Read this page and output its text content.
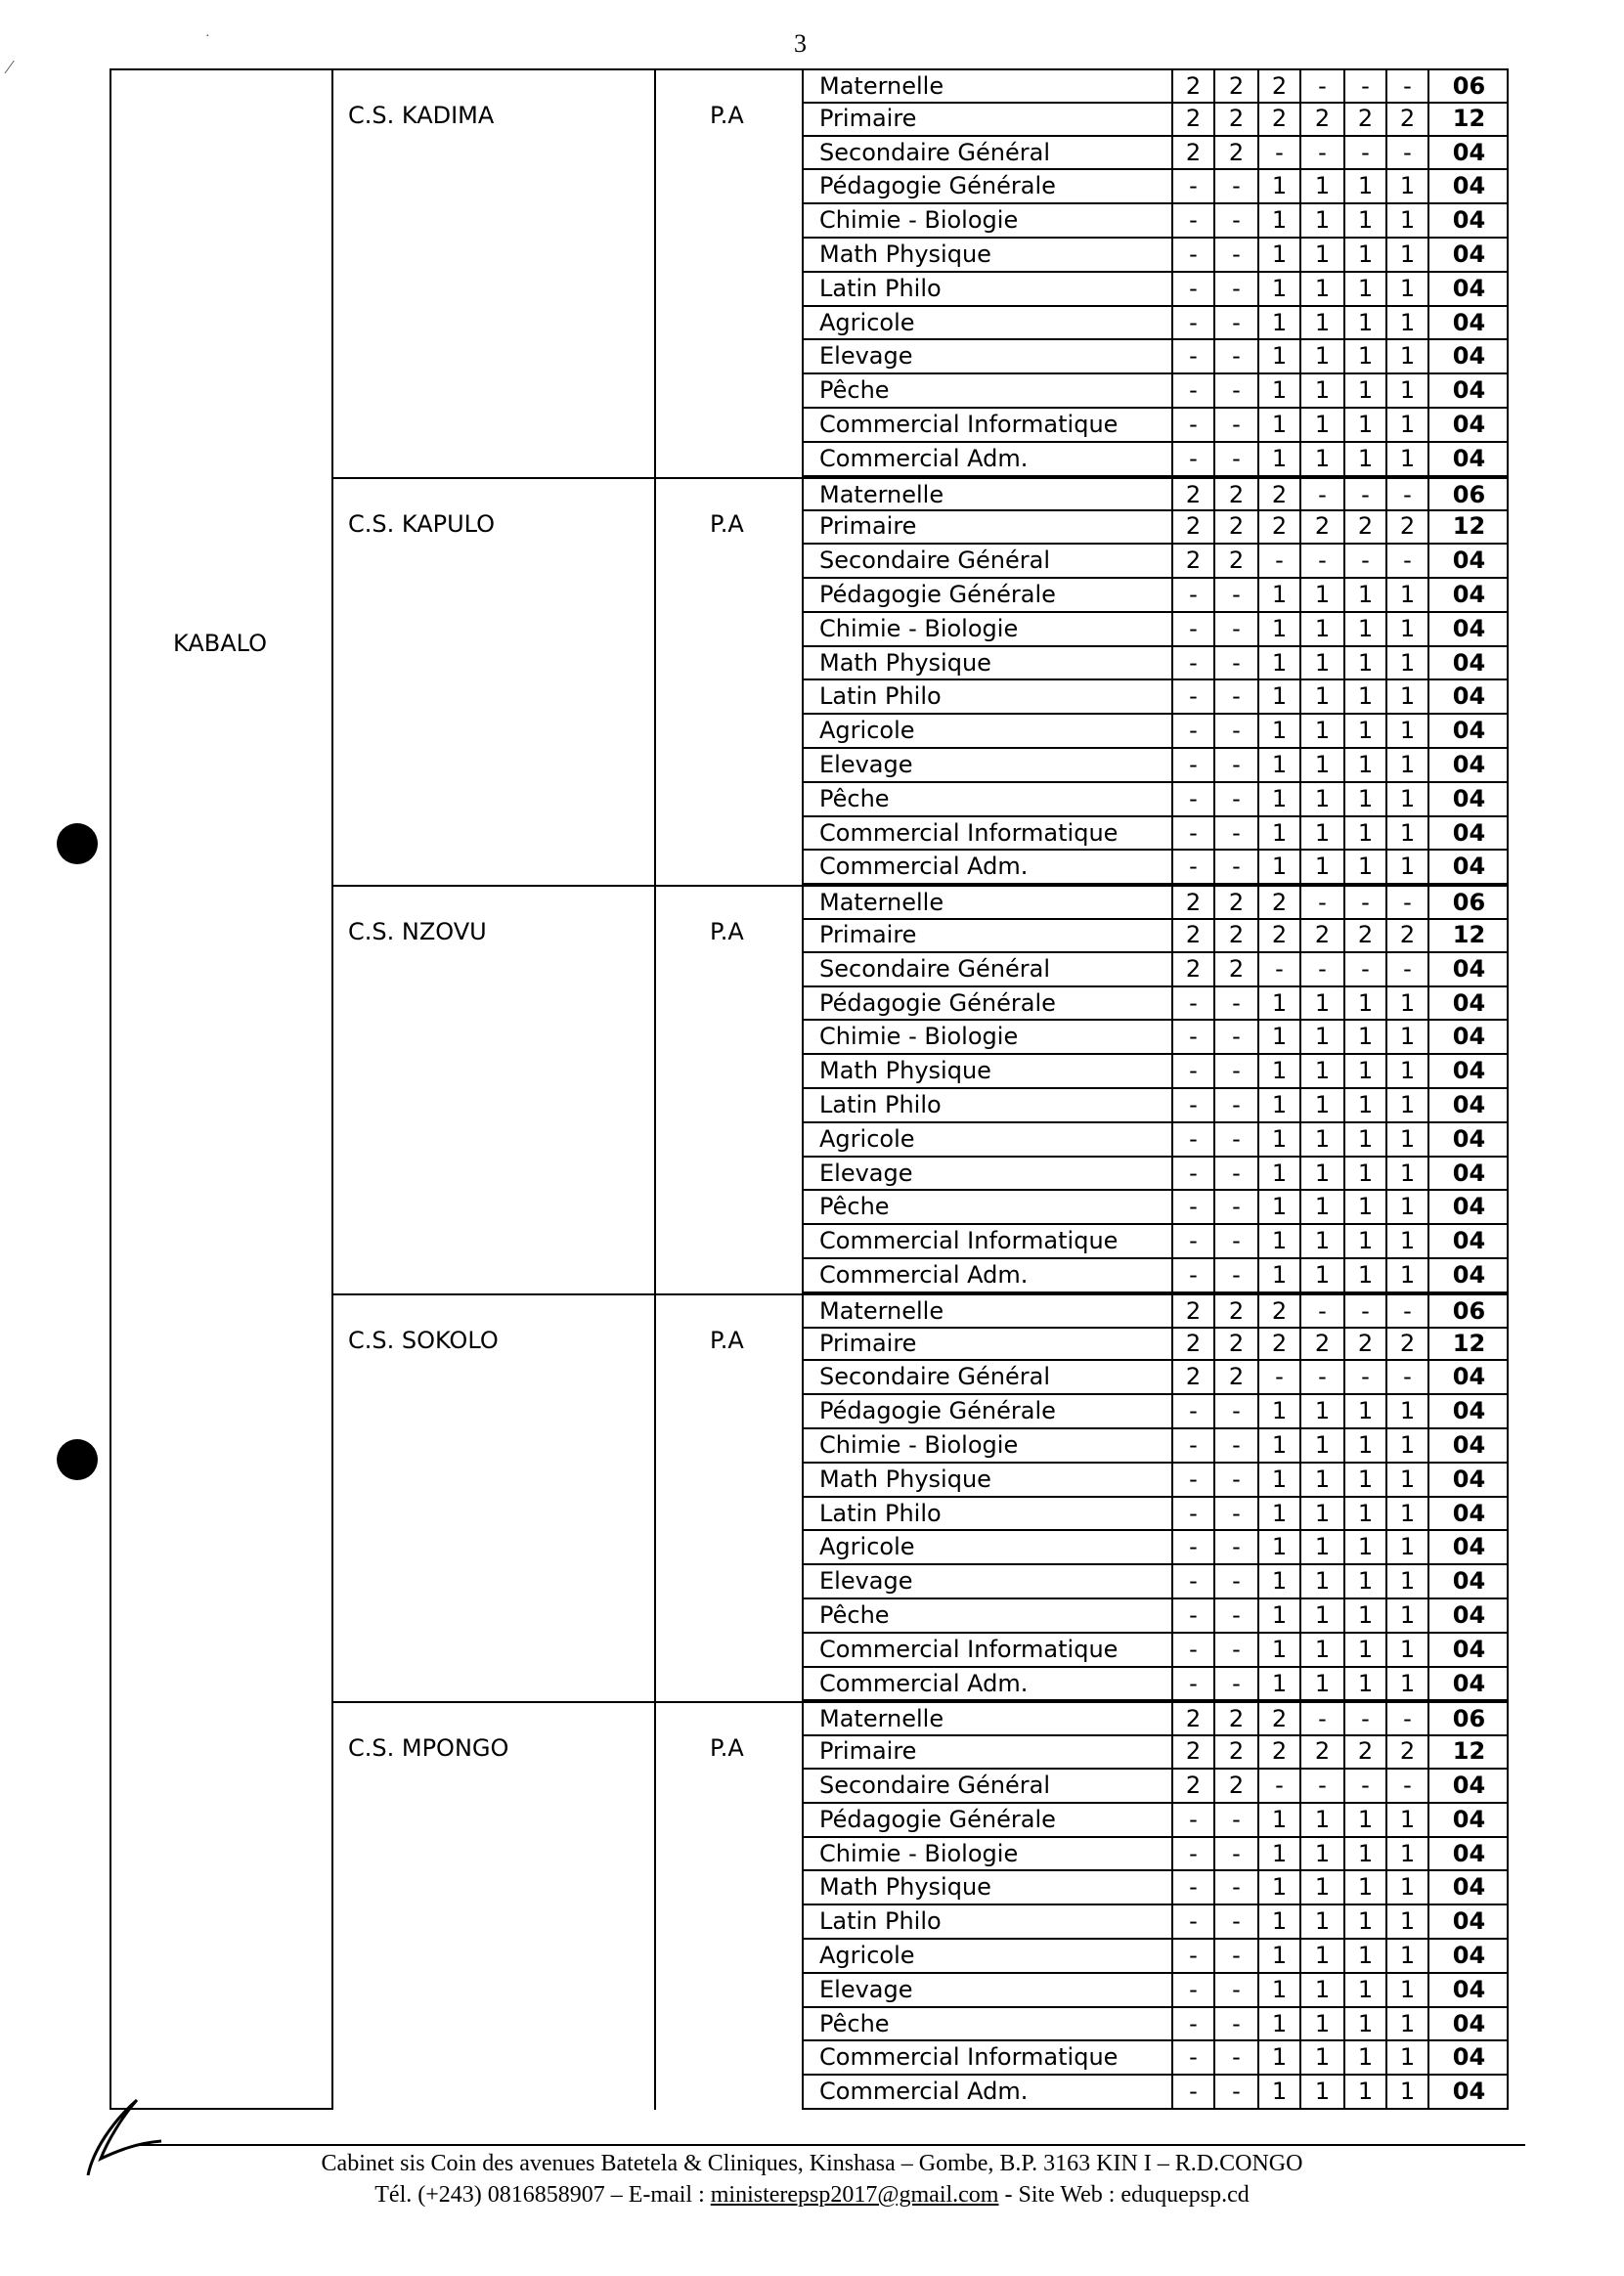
3
⁄
·
KABALO
C.S. KADIMA	P.A
Maternelle	2	2	2	-	-	-	06
Primaire	2	2	2	2	2	2	12
Secondaire Général	2	2	-	-	-	-	04
Pédagogie Générale	-	-	1	1	1	1	04
Chimie - Biologie	-	-	1	1	1	1	04
Math Physique	-	-	1	1	1	1	04
Latin Philo	-	-	1	1	1	1	04
Agricole	-	-	1	1	1	1	04
Elevage	-	-	1	1	1	1	04
Pêche	-	-	1	1	1	1	04
Commercial Informatique	-	-	1	1	1	1	04
Commercial Adm.	-	-	1	1	1	1	04
C.S. KAPULO	P.A
Maternelle	2	2	2	-	-	-	06
Primaire	2	2	2	2	2	2	12
Secondaire Général	2	2	-	-	-	-	04
Pédagogie Générale	-	-	1	1	1	1	04
Chimie - Biologie	-	-	1	1	1	1	04
Math Physique	-	-	1	1	1	1	04
Latin Philo	-	-	1	1	1	1	04
Agricole	-	-	1	1	1	1	04
Elevage	-	-	1	1	1	1	04
Pêche	-	-	1	1	1	1	04
Commercial Informatique	-	-	1	1	1	1	04
Commercial Adm.	-	-	1	1	1	1	04
C.S. NZOVU	P.A
Maternelle	2	2	2	-	-	-	06
Primaire	2	2	2	2	2	2	12
Secondaire Général	2	2	-	-	-	-	04
Pédagogie Générale	-	-	1	1	1	1	04
Chimie - Biologie	-	-	1	1	1	1	04
Math Physique	-	-	1	1	1	1	04
Latin Philo	-	-	1	1	1	1	04
Agricole	-	-	1	1	1	1	04
Elevage	-	-	1	1	1	1	04
Pêche	-	-	1	1	1	1	04
Commercial Informatique	-	-	1	1	1	1	04
Commercial Adm.	-	-	1	1	1	1	04
C.S. SOKOLO	P.A
Maternelle	2	2	2	-	-	-	06
Primaire	2	2	2	2	2	2	12
Secondaire Général	2	2	-	-	-	-	04
Pédagogie Générale	-	-	1	1	1	1	04
Chimie - Biologie	-	-	1	1	1	1	04
Math Physique	-	-	1	1	1	1	04
Latin Philo	-	-	1	1	1	1	04
Agricole	-	-	1	1	1	1	04
Elevage	-	-	1	1	1	1	04
Pêche	-	-	1	1	1	1	04
Commercial Informatique	-	-	1	1	1	1	04
Commercial Adm.	-	-	1	1	1	1	04
C.S. MPONGO	P.A
Maternelle	2	2	2	-	-	-	06
Primaire	2	2	2	2	2	2	12
Secondaire Général	2	2	-	-	-	-	04
Pédagogie Générale	-	-	1	1	1	1	04
Chimie - Biologie	-	-	1	1	1	1	04
Math Physique	-	-	1	1	1	1	04
Latin Philo	-	-	1	1	1	1	04
Agricole	-	-	1	1	1	1	04
Elevage	-	-	1	1	1	1	04
Pêche	-	-	1	1	1	1	04
Commercial Informatique	-	-	1	1	1	1	04
Commercial Adm.	-	-	1	1	1	1	04
Cabinet sis Coin des avenues Batetela & Cliniques, Kinshasa – Gombe, B.P. 3163 KIN I – R.D.CONGO
Tél. (+243) 0816858907 – E-mail : ministerepsp2017@gmail.com - Site Web : eduquepsp.cd
